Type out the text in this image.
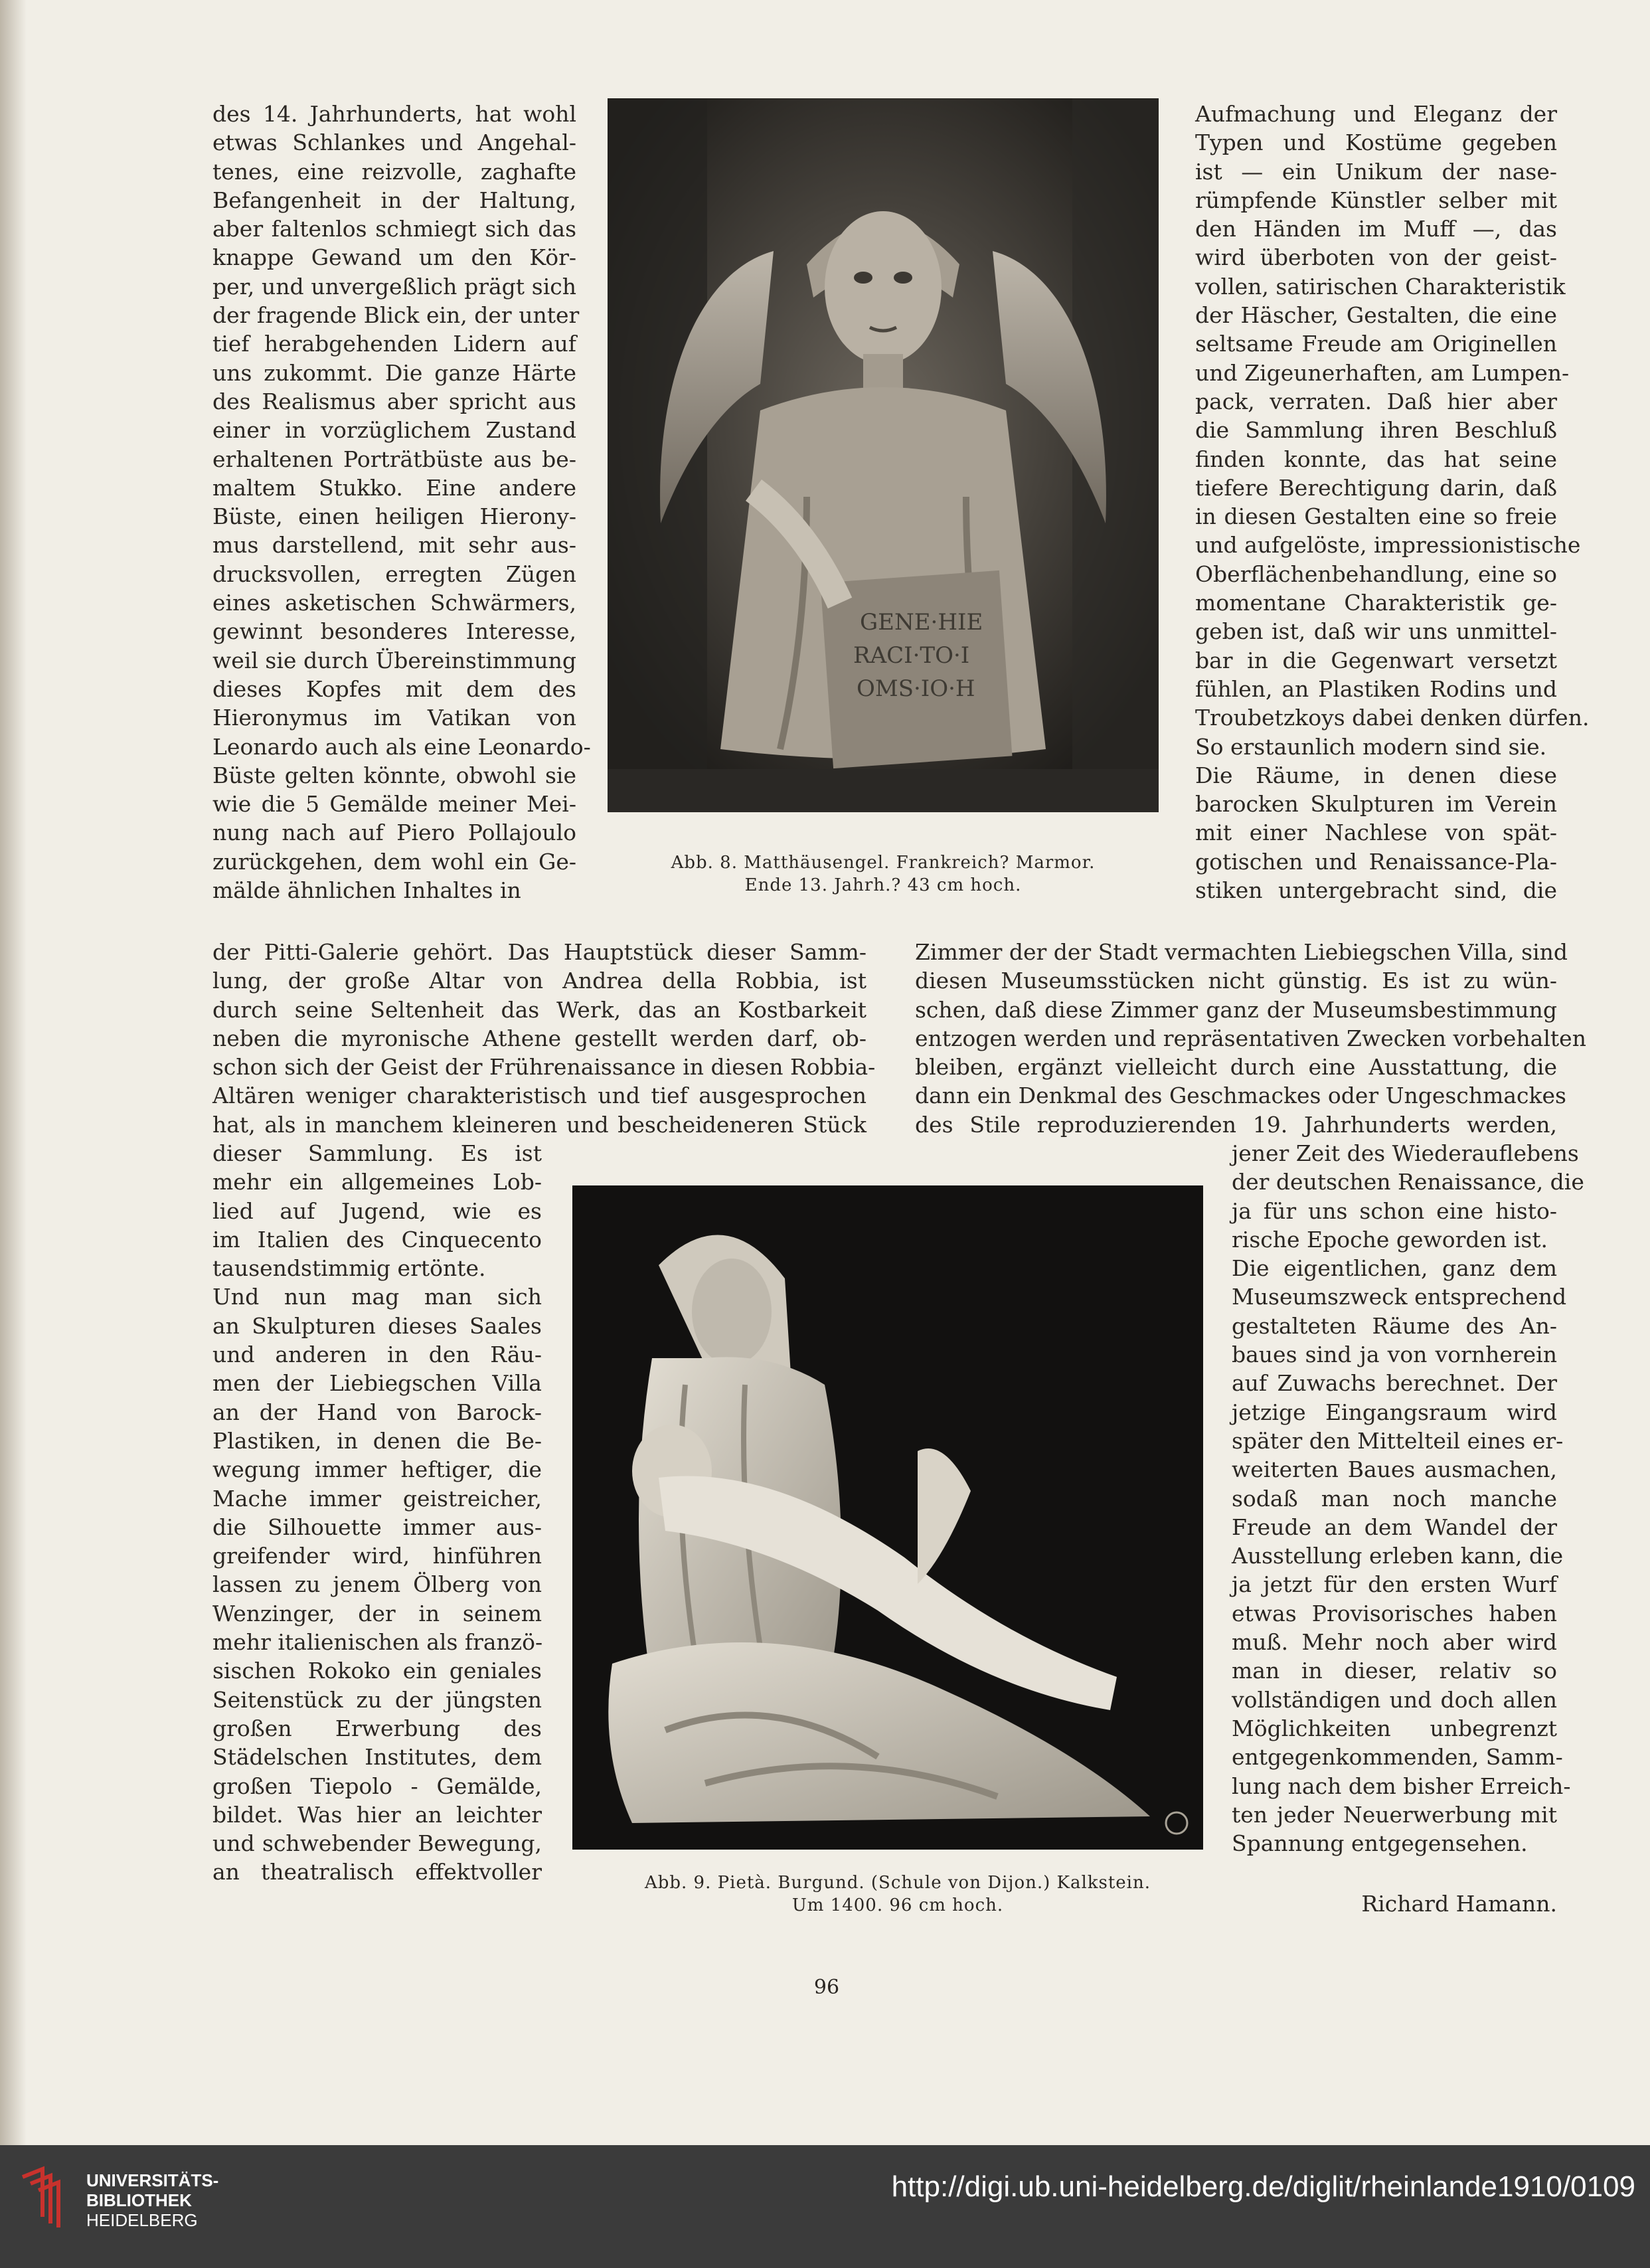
des 14. Jahrhunderts, hat wohl
etwas Schlankes und Angehal-
tenes, eine reizvolle, zaghafte
Befangenheit in der Haltung,
aber faltenlos schmiegt sich das
knappe Gewand um den Kör-
per, und unvergeßlich prägt sich
der fragende Blick ein, der unter
tief herabgehenden Lidern auf
uns zukommt. Die ganze Härte
des Realismus aber spricht aus
einer in vorzüglichem Zustand
erhaltenen Porträtbüste aus be-
maltem Stukko. Eine andere
Büste, einen heiligen Hierony-
mus darstellend, mit sehr aus-
drucksvollen, erregten Zügen
eines asketischen Schwärmers,
gewinnt besonderes Interesse,
weil sie durch Übereinstimmung
dieses Kopfes mit dem des
Hieronymus im Vatikan von
Leonardo auch als eine Leonardo-
Büste gelten könnte, obwohl sie
wie die 5 Gemälde meiner Mei-
nung nach auf Piero Pollajoulo
zurückgehen, dem wohl ein Ge-
mälde ähnlichen Inhaltes in
GENE·HIE
RACI·TO·I
OMS·IO·H
Abb. 8. Matthäusengel. Frankreich? Marmor.
Ende 13. Jahrh.? 43 cm hoch.
Aufmachung und Eleganz der
Typen und Kostüme gegeben
ist — ein Unikum der nase-
rümpfende Künstler selber mit
den Händen im Muff —, das
wird überboten von der geist-
vollen, satirischen Charakteristik
der Häscher, Gestalten, die eine
seltsame Freude am Originellen
und Zigeunerhaften, am Lumpen-
pack, verraten. Daß hier aber
die Sammlung ihren Beschluß
finden konnte, das hat seine
tiefere Berechtigung darin, daß
in diesen Gestalten eine so freie
und aufgelöste, impressionistische
Oberflächenbehandlung, eine so
momentane Charakteristik ge-
geben ist, daß wir uns unmittel-
bar in die Gegenwart versetzt
fühlen, an Plastiken Rodins und
Troubetzkoys dabei denken dürfen.
So erstaunlich modern sind sie.
Die Räume, in denen diese
barocken Skulpturen im Verein
mit einer Nachlese von spät-
gotischen und Renaissance-Pla-
stiken untergebracht sind, die
der Pitti-Galerie gehört. Das Hauptstück dieser Samm-
lung, der große Altar von Andrea della Robbia, ist
durch seine Seltenheit das Werk, das an Kostbarkeit
neben die myronische Athene gestellt werden darf, ob-
schon sich der Geist der Frührenaissance in diesen Robbia-
Altären weniger charakteristisch und tief ausgesprochen
hat, als in manchem kleineren und bescheideneren Stück
Zimmer der der Stadt vermachten Liebiegschen Villa, sind
diesen Museumsstücken nicht günstig. Es ist zu wün-
schen, daß diese Zimmer ganz der Museumsbestimmung
entzogen werden und repräsentativen Zwecken vorbehalten
bleiben, ergänzt vielleicht durch eine Ausstattung, die
dann ein Denkmal des Geschmackes oder Ungeschmackes
des Stile reproduzierenden 19. Jahrhunderts werden,
dieser Sammlung. Es ist
mehr ein allgemeines Lob-
lied auf Jugend, wie es
im Italien des Cinquecento
tausendstimmig ertönte.
Und nun mag man sich
an Skulpturen dieses Saales
und anderen in den Räu-
men der Liebiegschen Villa
an der Hand von Barock-
Plastiken, in denen die Be-
wegung immer heftiger, die
Mache immer geistreicher,
die Silhouette immer aus-
greifender wird, hinführen
lassen zu jenem Ölberg von
Wenzinger, der in seinem
mehr italienischen als franzö-
sischen Rokoko ein geniales
Seitenstück zu der jüngsten
großen Erwerbung des
Städelschen Institutes, dem
großen Tiepolo - Gemälde,
bildet. Was hier an leichter
und schwebender Bewegung,
an theatralisch effektvoller	Abb. 9. Pietà. Burgund. (Schule von Dijon.) Kalkstein.
Um 1400. 96 cm hoch.
jener Zeit des Wiederauflebens
der deutschen Renaissance, die
ja für uns schon eine histo-
rische Epoche geworden ist.
Die eigentlichen, ganz dem
Museumszweck entsprechend
gestalteten Räume des An-
baues sind ja von vornherein
auf Zuwachs berechnet. Der
jetzige Eingangsraum wird
später den Mittelteil eines er-
weiterten Baues ausmachen,
sodaß man noch manche
Freude an dem Wandel der
Ausstellung erleben kann, die
ja jetzt für den ersten Wurf
etwas Provisorisches haben
muß. Mehr noch aber wird
man in dieser, relativ so
vollständigen und doch allen
Möglichkeiten unbegrenzt
entgegenkommenden, Samm-
lung nach dem bisher Erreich-
ten jeder Neuerwerbung mit
Spannung entgegensehen.
Richard Hamann.
96
UNIVERSITÄTS-
BIBLIOTHEK
HEIDELBERG
http://digi.ub.uni-heidelberg.de/diglit/rheinlande1910/0109
